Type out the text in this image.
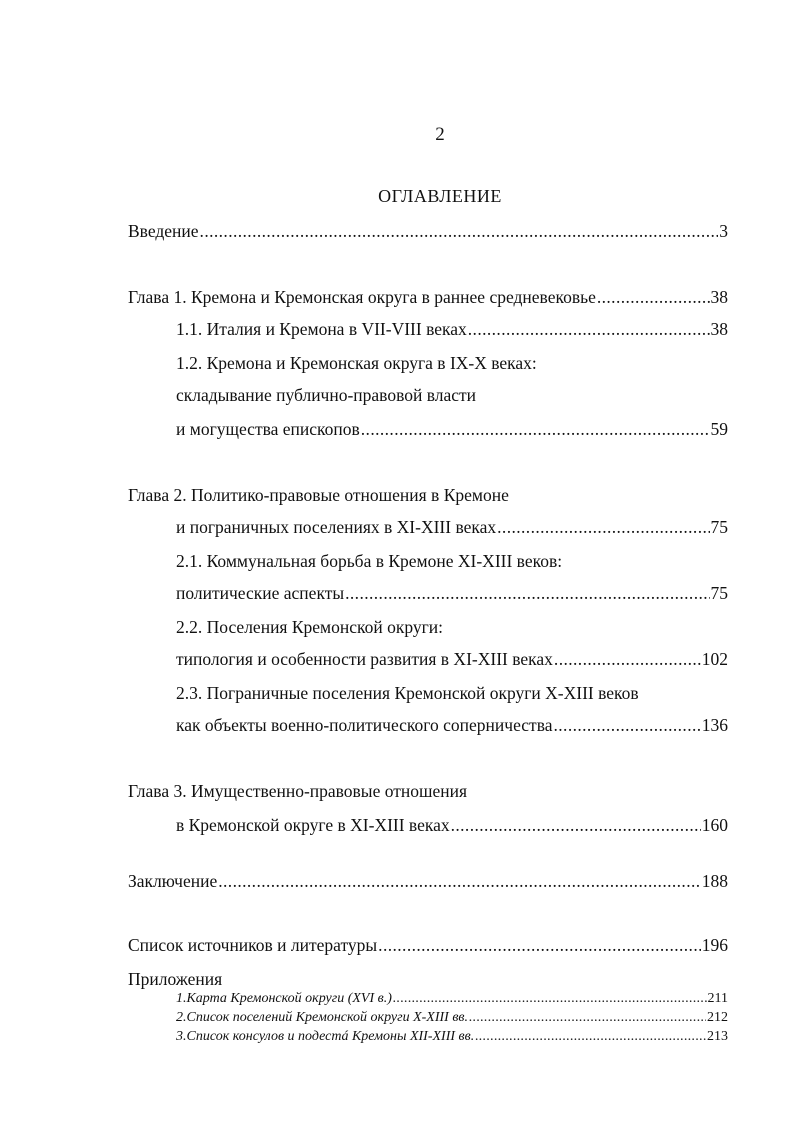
2
ОГЛАВЛЕНИЕ
Введение .....	3
Глава 1. Кремона и Кремонская округа в раннее средневековье .....	38
1.1. Италия и Кремона в VII-VIII веках .....	38
1.2. Кремона и Кремонская округа в IX-X веках:
складывание публично-правовой власти
и могущества епископов .....	59
Глава 2. Политико-правовые отношения в Кремоне
и пограничных поселениях в XI-XIII веках .....	75
2.1. Коммунальная борьба в Кремоне XI-XIII веков:
политические аспекты .....	75
2.2. Поселения Кремонской округи:
типология и особенности развития в XI-XIII веках .....	102
2.3. Пограничные поселения Кремонской округи X-XIII веков
как объекты военно-политического соперничества .....	136
Глава 3. Имущественно-правовые отношения
в Кремонской округе в XI-XIII веках .....	160
Заключение .....	188
Список источников и литературы .....	196
Приложения
1. Карта Кремонской округи (XVI в.) .....	211
2. Список поселений Кремонской округи X-XIII вв. .....	212
3. Список консулов и подестá Кремоны XII-XIII вв. .....	213
